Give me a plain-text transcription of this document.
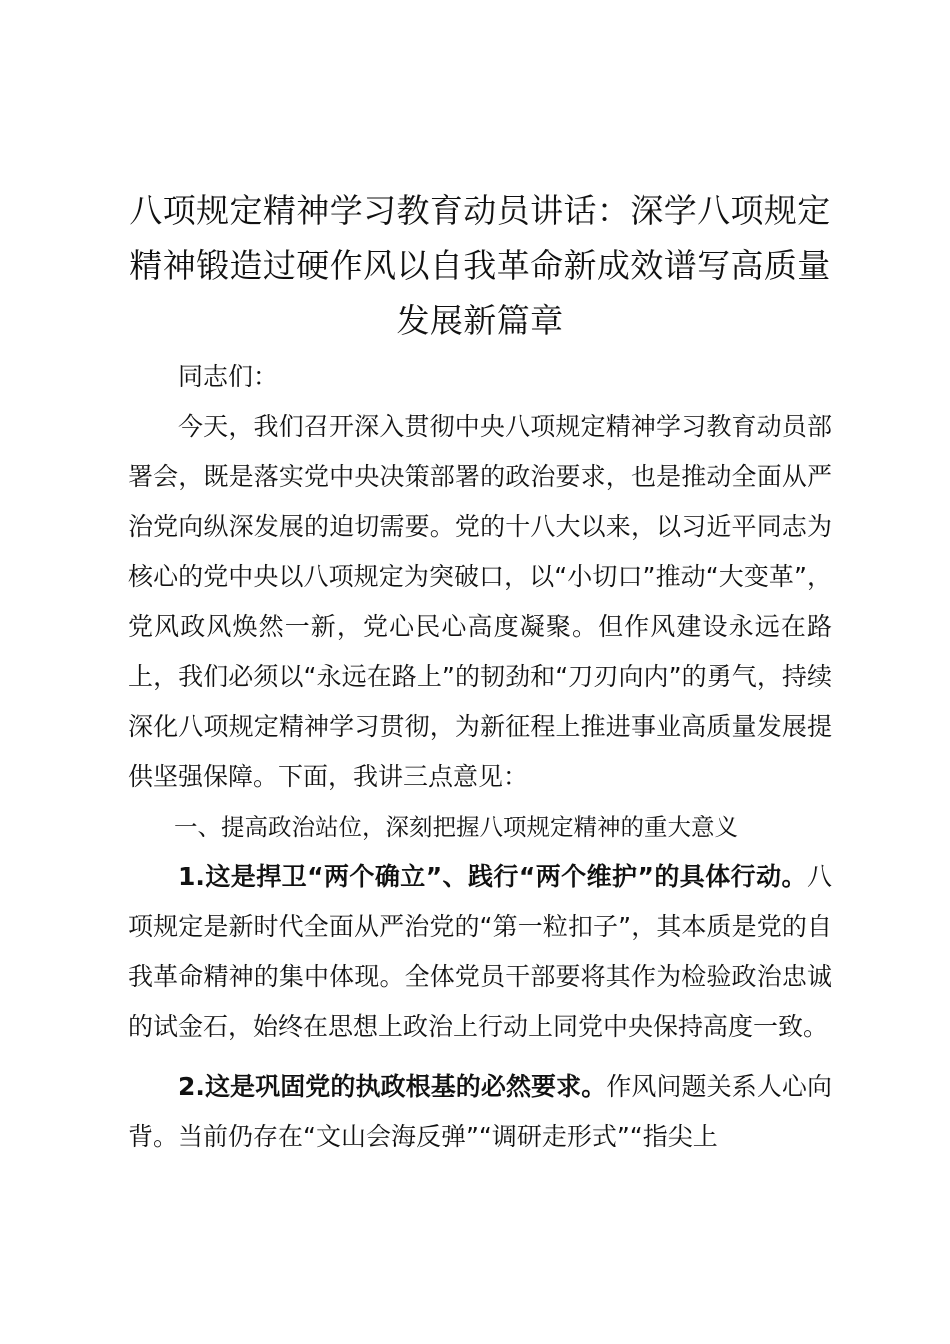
八项规定精神学习教育动员讲话：深学八项规定精神锻造过硬作风以自我革命新成效谱写高质量发展新篇章

同志们：

今天，我们召开深入贯彻中央八项规定精神学习教育动员部署会，既是落实党中央决策部署的政治要求，也是推动全面从严治党向纵深发展的迫切需要。党的十八大以来，以习近平同志为核心的党中央以八项规定为突破口，以“小切口”推动“大变革”，党风政风焕然一新，党心民心高度凝聚。但作风建设永远在路上，我们必须以“永远在路上”的韧劲和“刀刃向内”的勇气，持续深化八项规定精神学习贯彻，为新征程上推进事业高质量发展提供坚强保障。下面，我讲三点意见：

一、提高政治站位，深刻把握八项规定精神的重大意义

1.这是捍卫“两个确立”、践行“两个维护”的具体行动。八项规定是新时代全面从严治党的“第一粒扣子”，其本质是党的自我革命精神的集中体现。全体党员干部要将其作为检验政治忠诚的试金石，始终在思想上政治上行动上同党中央保持高度一致。

2.这是巩固党的执政根基的必然要求。作风问题关系人心向背。当前仍存在“文山会海反弹”“调研走形式”“指尖上
